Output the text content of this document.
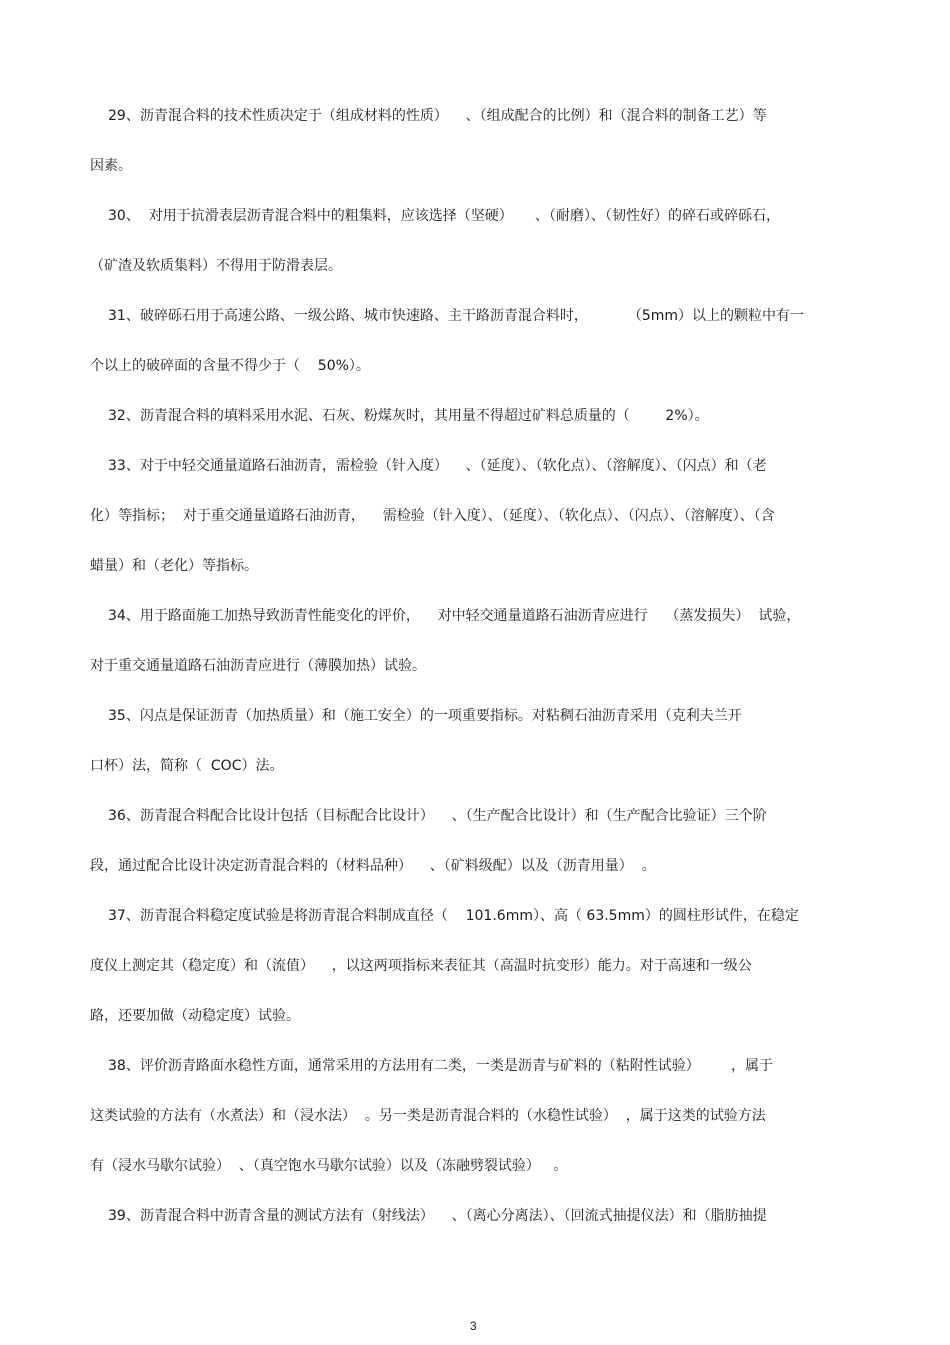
29、沥青混合料的技术性质决定于（组成材料的性质）    、（组成配合的比例）和（混合料的制备工艺）等
因素。
30、  对用于抗滑表层沥青混合料中的粗集料，应该选择（坚硬）     、（耐磨）、（韧性好）的碎石或碎砾石，
（矿渣及软质集料）不得用于防滑表层。
31、破碎砾石用于高速公路、一级公路、城市快速路、主干路沥青混合料时，         （5mm）以上的颗粒中有一
个以上的破碎面的含量不得少于（    50%）。
32、沥青混合料的填料采用水泥、石灰、粉煤灰时，其用量不得超过矿料总质量的（        2%）。
33、对于中轻交通量道路石油沥青，需检验（针入度）    、（延度）、（软化点）、（溶解度）、（闪点）和（老
化）等指标；  对于重交通量道路石油沥青，    需检验（针入度）、（延度）、（软化点）、（闪点）、（溶解度）、（含
蜡量）和（老化）等指标。
34、用于路面施工加热导致沥青性能变化的评价，    对中轻交通量道路石油沥青应进行    （蒸发损失）  试验，
对于重交通量道路石油沥青应进行（薄膜加热）试验。
35、闪点是保证沥青（加热质量）和（施工安全）的一项重要指标。对粘稠石油沥青采用（克利夫兰开
口杯）法，简称（  COC）法。
36、沥青混合料配合比设计包括（目标配合比设计）    、（生产配合比设计）和（生产配合比验证）三个阶
段，通过配合比设计决定沥青混合料的（材料品种）    、（矿料级配）以及（沥青用量）  。
37、沥青混合料稳定度试验是将沥青混合料制成直径（    101.6mm）、高（ 63.5mm）的圆柱形试件，在稳定
度仪上测定其（稳定度）和（流值）    ，以这两项指标来表征其（高温时抗变形）能力。对于高速和一级公
路，还要加做（动稳定度）试验。
38、评价沥青路面水稳性方面，通常采用的方法用有二类，一类是沥青与矿料的（粘附性试验）       ，属于
这类试验的方法有（水煮法）和（浸水法）  。另一类是沥青混合料的（水稳性试验）  ，属于这类的试验方法
有（浸水马歇尔试验）  、（真空饱水马歇尔试验）以及（冻融劈裂试验）   。
39、沥青混合料中沥青含量的测试方法有（射线法）    、（离心分离法）、（回流式抽提仪法）和（脂肪抽提
3
